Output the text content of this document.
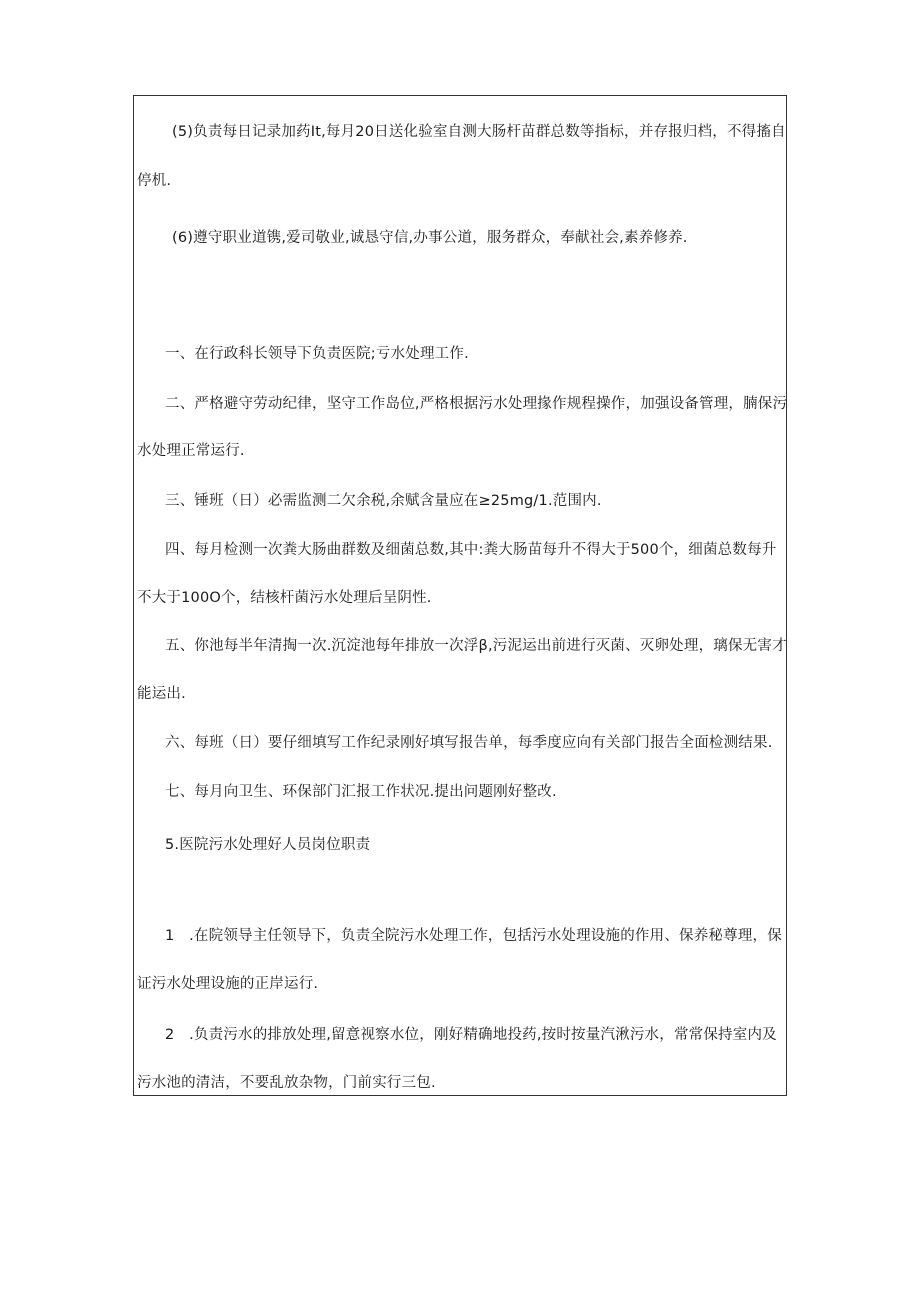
(5)负责每日记录加药It,每月20日送化验室自测大肠杆苗群总数等指标，并存报归档，不得搐自
停机.
(6)遵守职业道镌,爱司敬业,诚恳守信,办事公道，服务群众，奉献社会,素养修养.
一、在行政科长领导下负责医院;亏水处理工作.
二、严格避守劳动纪律，坚守工作岛位,严格根据污水处理掾作规程操作，加强设备管理，腩保污
水处理正常运行.
三、锤班（日）必需监测二欠余税,余赋含量应在≥25mg∕1.范围内.
四、每月检测一次粪大肠曲群数及细菌总数,其中:粪大肠苗每升不得大于500个，细菌总数每升
不大于100O个，结核杆菌污水处理后呈阴性.
五、你池每半年清掏一次.沉淀池每年排放一次浮β,污泥运出前进行灭菌、灭卵处理，璃保无害才
能运出.
六、每班（日）要仔细填写工作纪录刚好填写报告单，每季度应向有关部门报告全面检测结果.
七、每月向卫生、环保部门汇报工作状况.提出问题刚好整改.
5.医院污水处理好人员岗位职责
1　.在院领导主任领导下，负责全院污水处理工作，包括污水处理设施的作用、保养秘尊理，保
证污水处理设施的正岸运行.
2　.负责污水的排放处理,留意视察水位，刚好精确地投药,按时按量汽湫污水，常常保持室内及
污水池的清洁，不要乱放杂物，门前实行三包.
